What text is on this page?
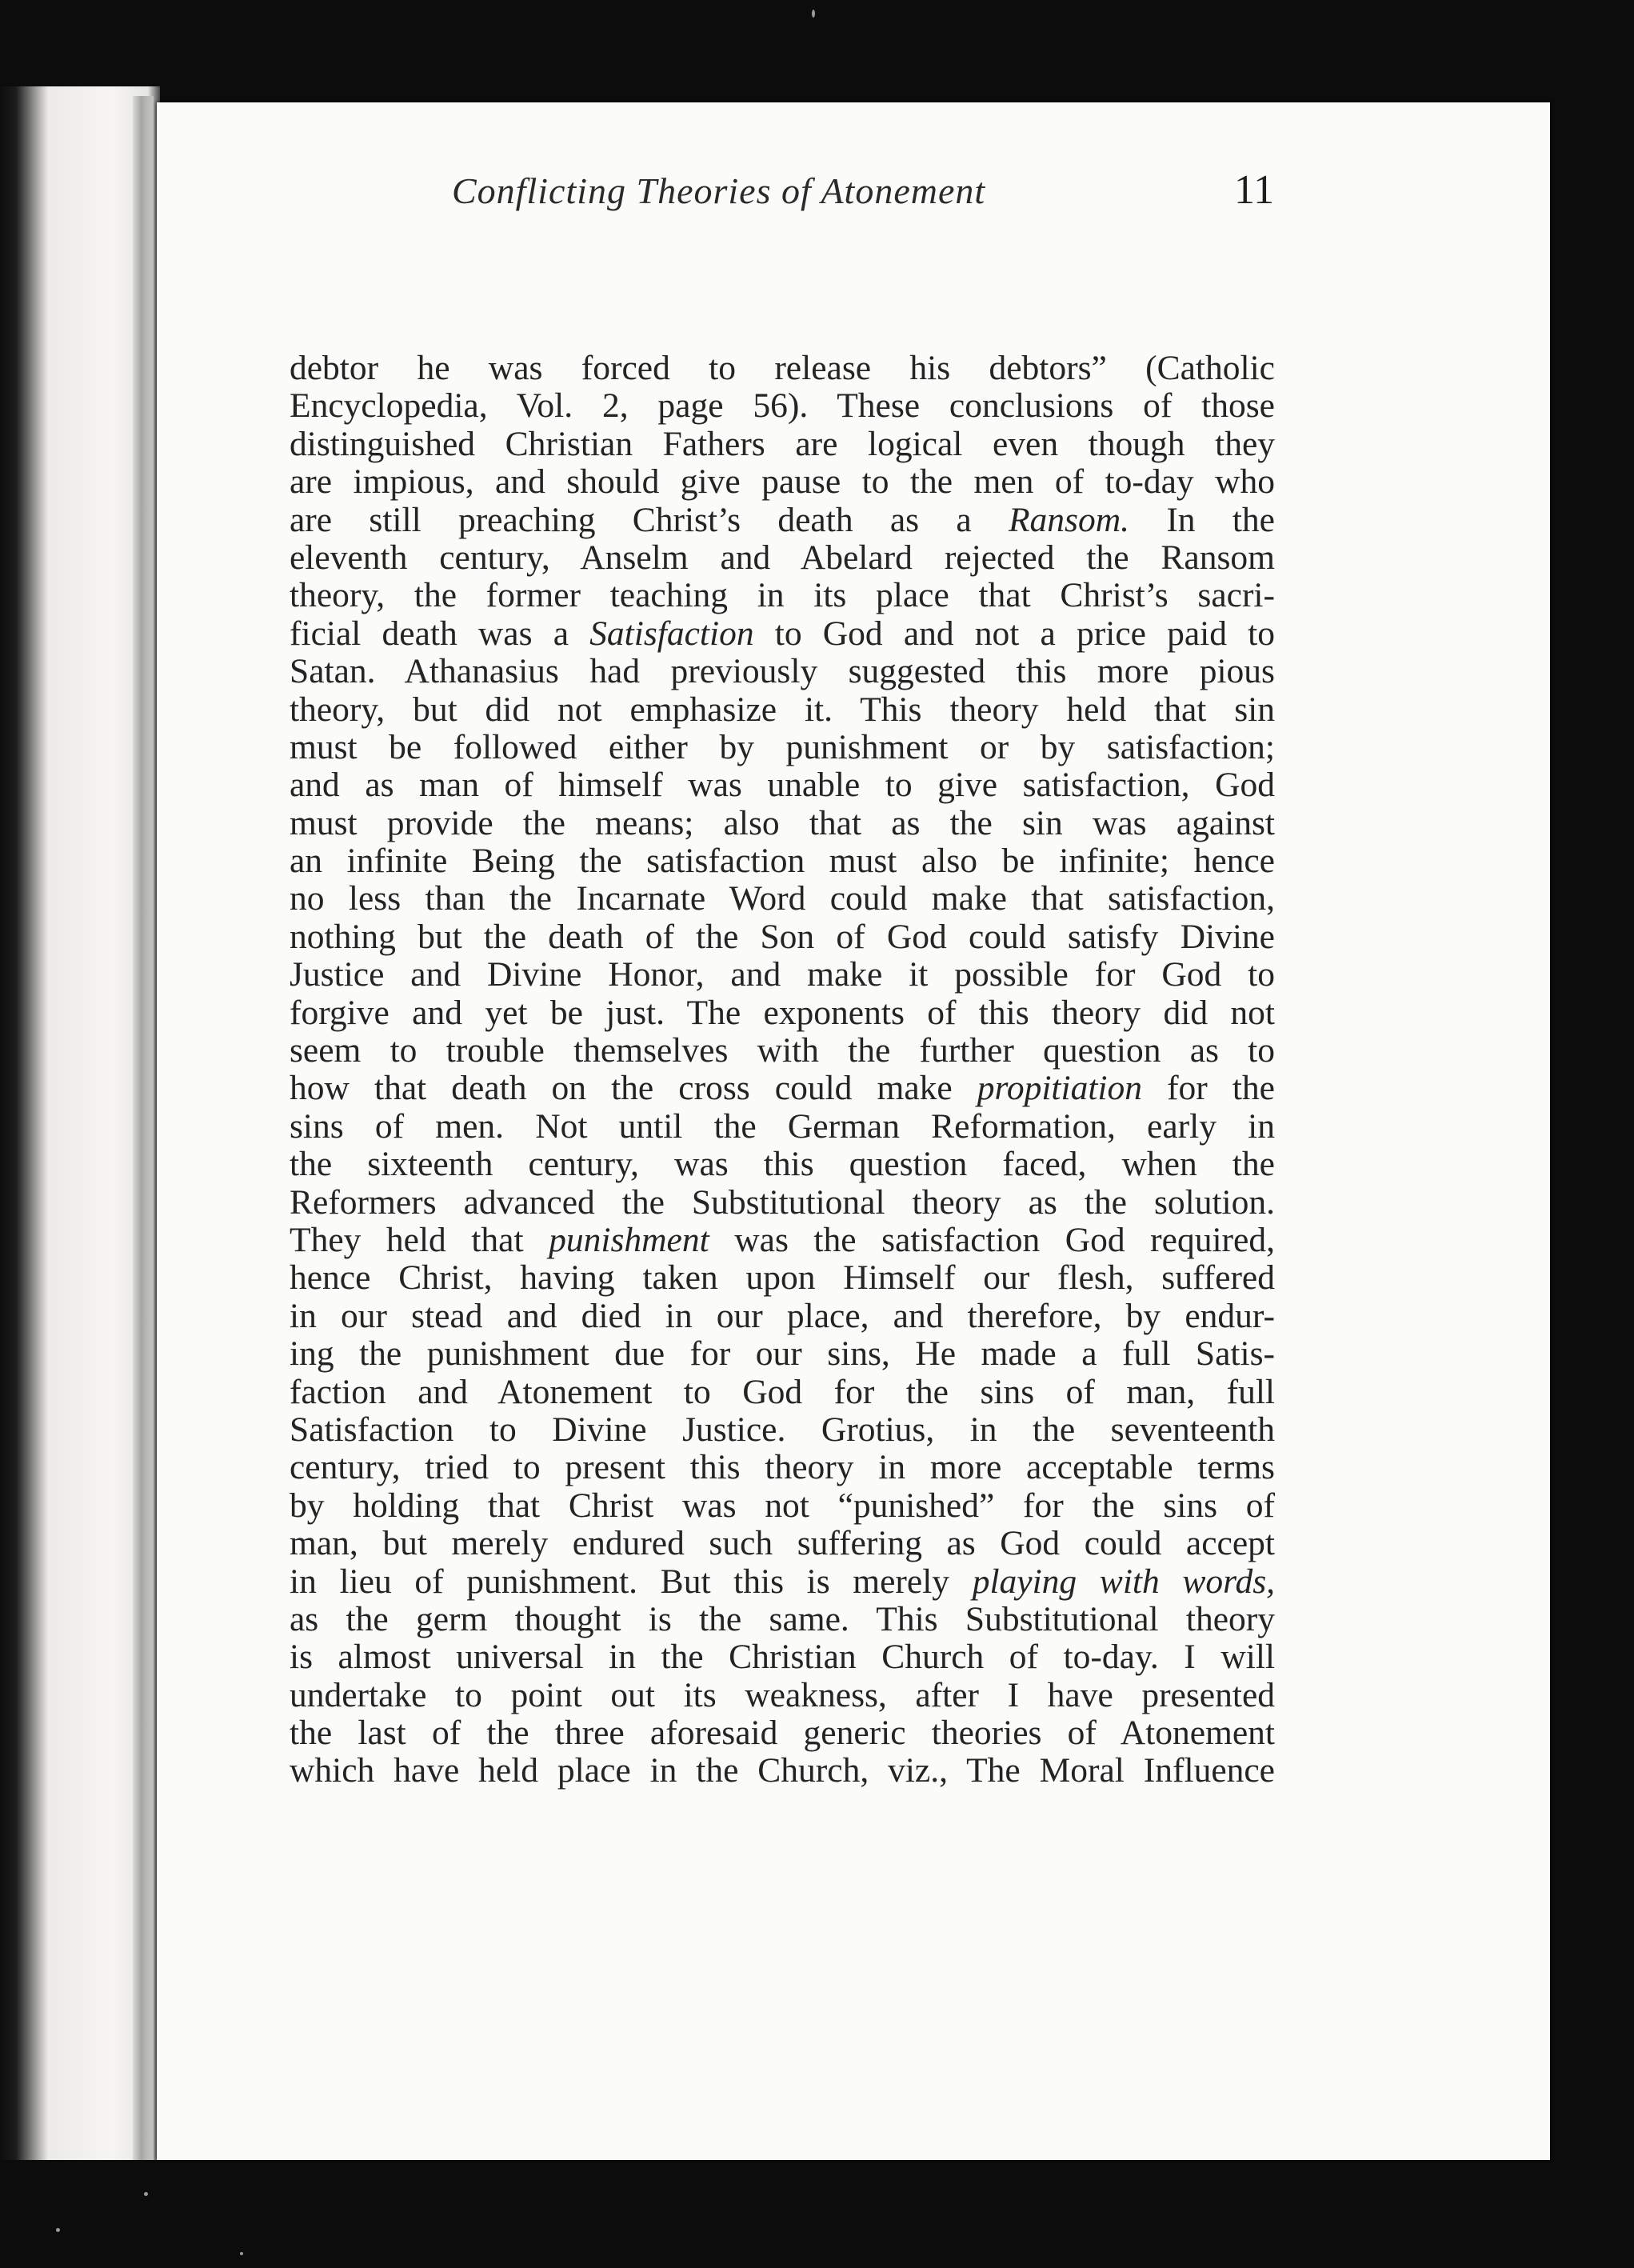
Conflicting Theories of Atonement	11
debtor he was forced to release his debtors” (Catholic
Encyclopedia, Vol. 2, page 56). These conclusions of those
distinguished Christian Fathers are logical even though they
are impious, and should give pause to the men of to-day who
are still preaching Christ’s death as a Ransom. In the
eleventh century, Anselm and Abelard rejected the Ransom
theory, the former teaching in its place that Christ’s sacri-
ficial death was a Satisfaction to God and not a price paid to
Satan. Athanasius had previously suggested this more pious
theory, but did not emphasize it. This theory held that sin
must be followed either by punishment or by satisfaction;
and as man of himself was unable to give satisfaction, God
must provide the means; also that as the sin was against
an infinite Being the satisfaction must also be infinite; hence
no less than the Incarnate Word could make that satisfaction,
nothing but the death of the Son of God could satisfy Divine
Justice and Divine Honor, and make it possible for God to
forgive and yet be just. The exponents of this theory did not
seem to trouble themselves with the further question as to
how that death on the cross could make propitiation for the
sins of men. Not until the German Reformation, early in
the sixteenth century, was this question faced, when the
Reformers advanced the Substitutional theory as the solution.
They held that punishment was the satisfaction God required,
hence Christ, having taken upon Himself our flesh, suffered
in our stead and died in our place, and therefore, by endur-
ing the punishment due for our sins, He made a full Satis-
faction and Atonement to God for the sins of man, full
Satisfaction to Divine Justice. Grotius, in the seventeenth
century, tried to present this theory in more acceptable terms
by holding that Christ was not “punished” for the sins of
man, but merely endured such suffering as God could accept
in lieu of punishment. But this is merely playing with words,
as the germ thought is the same. This Substitutional theory
is almost universal in the Christian Church of to-day. I will
undertake to point out its weakness, after I have presented
the last of the three aforesaid generic theories of Atonement
which have held place in the Church, viz., The Moral Influence
